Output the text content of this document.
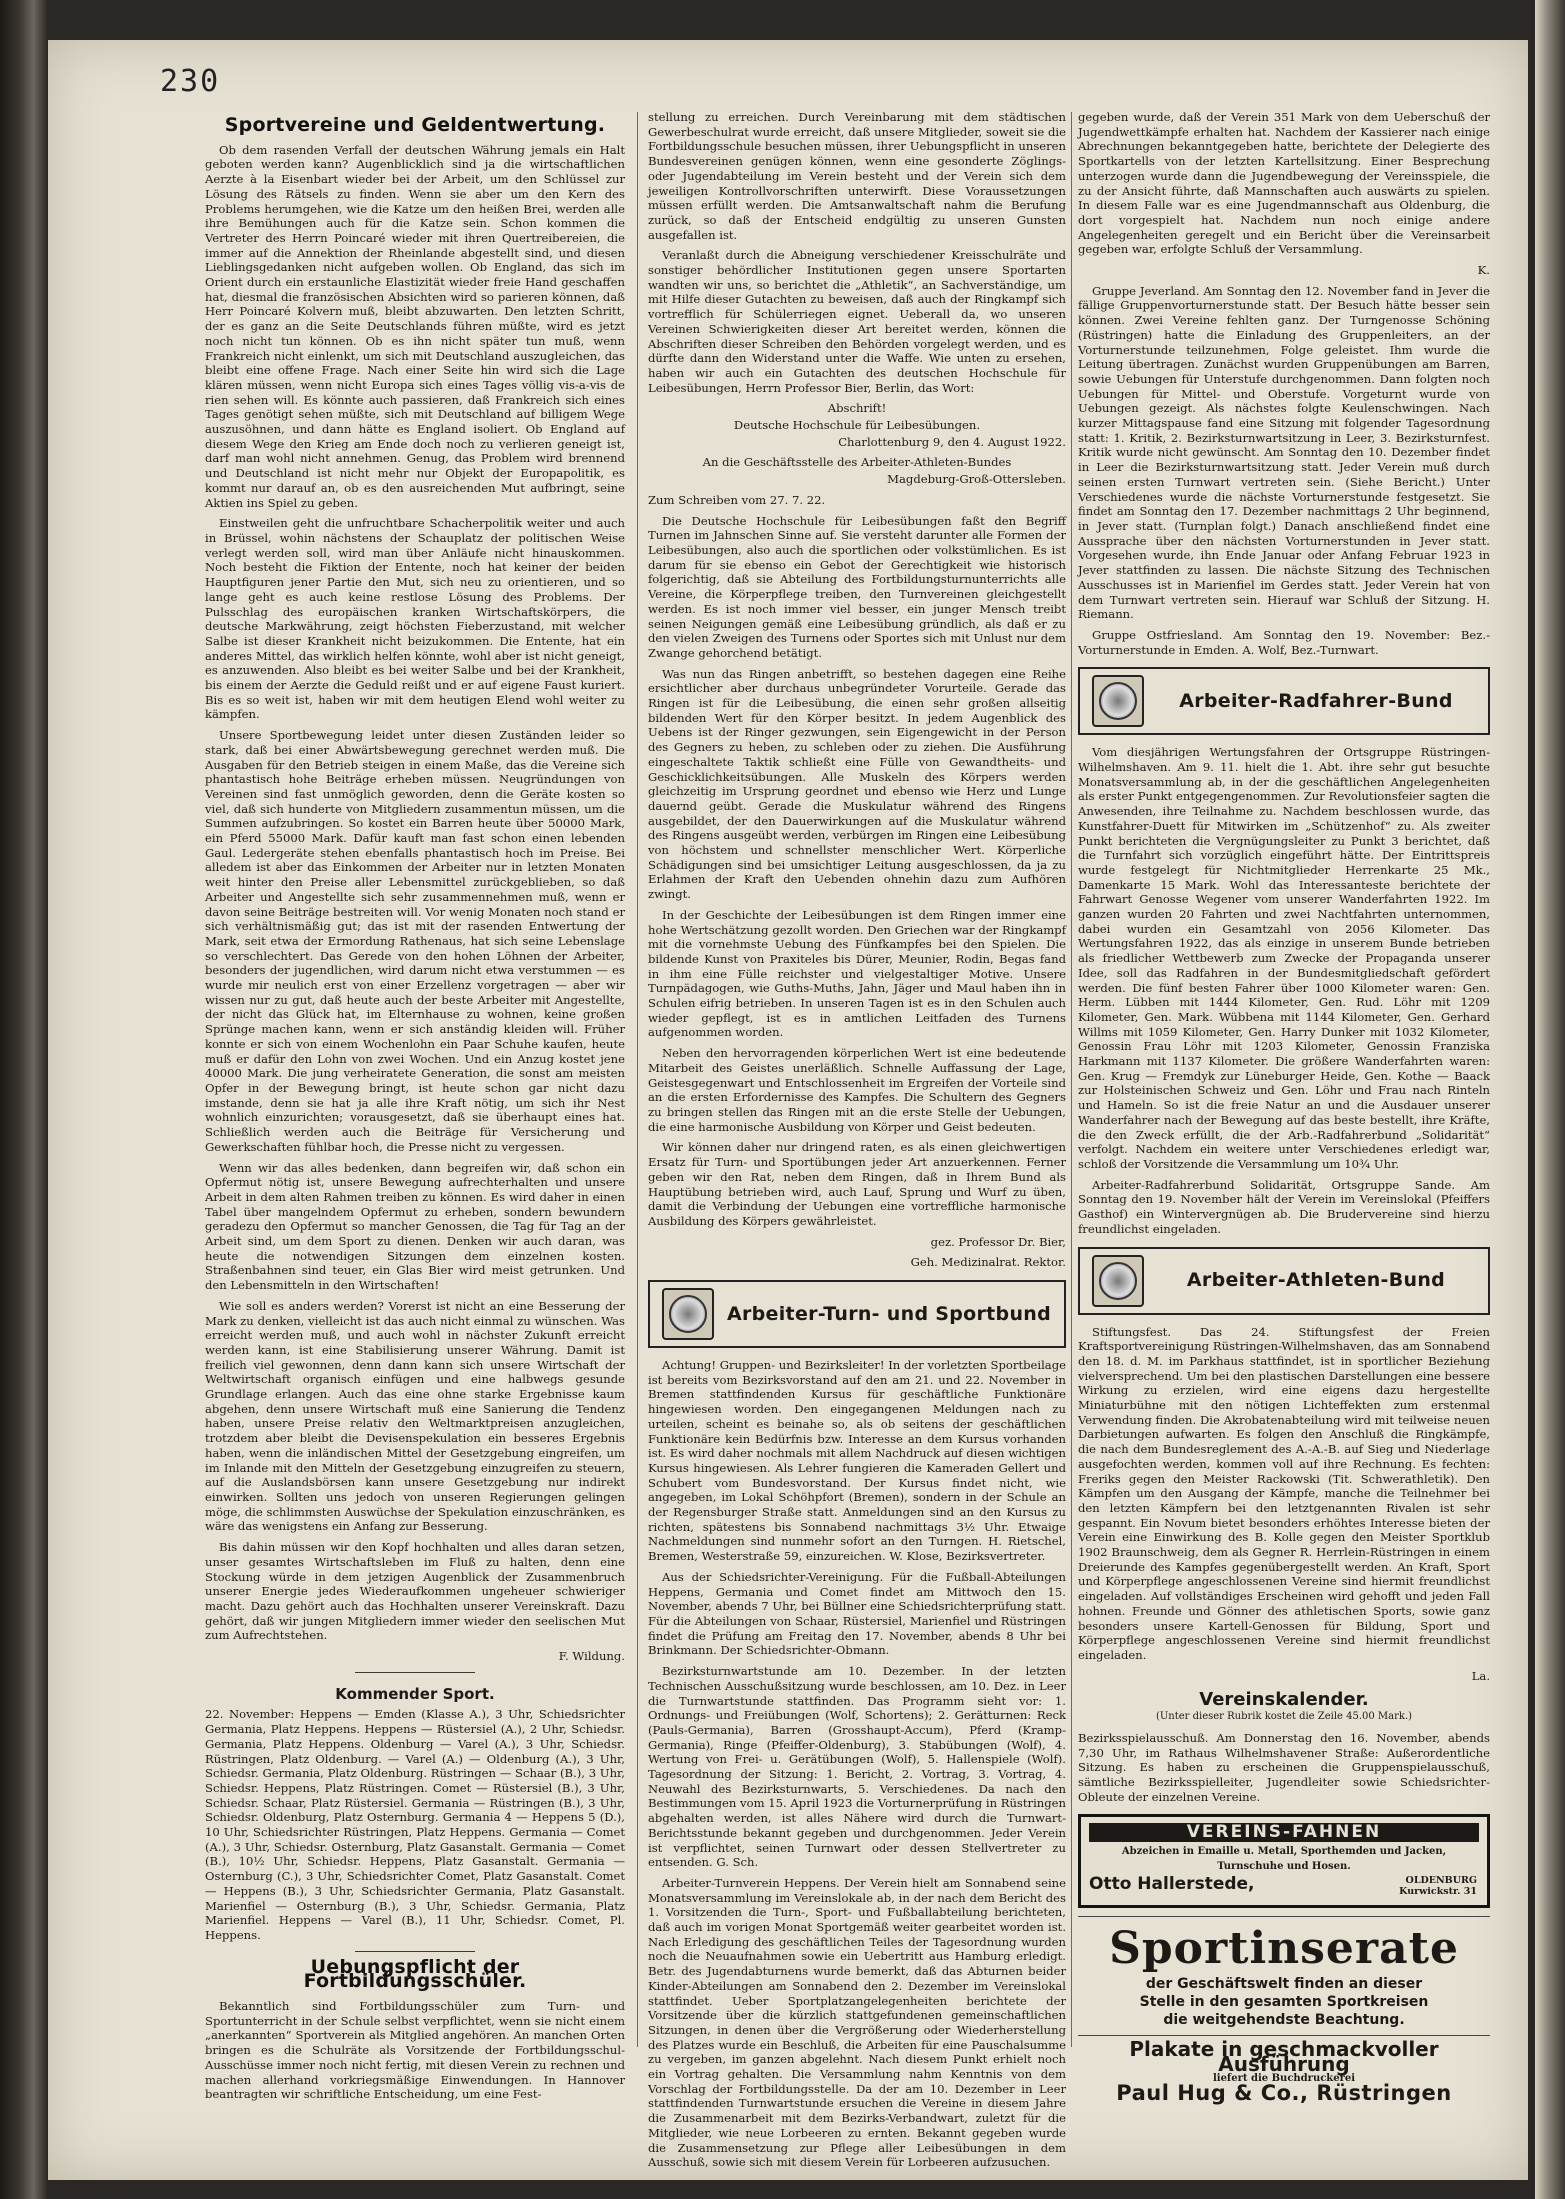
230
Sportvereine und Geldentwertung.

Ob dem rasenden Verfall der deutschen Währung jemals ein Halt geboten werden kann? Augenblicklich sind ja die wirtschaftlichen Aerzte à la Eisenbart wieder bei der Arbeit, um den Schlüssel zur Lösung des Rätsels zu finden. Wenn sie aber um den Kern des Problems herumgehen, wie die Katze um den heißen Brei, werden alle ihre Bemühungen auch für die Katze sein. Schon kommen die Vertreter des Herrn Poincaré wieder mit ihren Quertreibereien, die immer auf die Annektion der Rheinlande abgestellt sind, und diesen Lieblingsgedanken nicht aufgeben wollen. Ob England, das sich im Orient durch ein erstaunliche Elastizität wieder freie Hand geschaffen hat, diesmal die französischen Absichten wird so parieren können, daß Herr Poincaré Kolvern muß, bleibt abzuwarten. Den letzten Schritt, der es ganz an die Seite Deutschlands führen müßte, wird es jetzt noch nicht tun können. Ob es ihn nicht später tun muß, wenn Frankreich nicht einlenkt, um sich mit Deutschland auszugleichen, das bleibt eine offene Frage. Nach einer Seite hin wird sich die Lage klären müssen, wenn nicht Europa sich eines Tages völlig vis-a-vis de rien sehen will. Es könnte auch passieren, daß Frankreich sich eines Tages genötigt sehen müßte, sich mit Deutschland auf billigem Wege auszusöhnen, und dann hätte es England isoliert. Ob England auf diesem Wege den Krieg am Ende doch noch zu verlieren geneigt ist, darf man wohl nicht annehmen. Genug, das Problem wird brennend und Deutschland ist nicht mehr nur Objekt der Europapolitik, es kommt nur darauf an, ob es den ausreichenden Mut aufbringt, seine Aktien ins Spiel zu geben.

Einstweilen geht die unfruchtbare Schacherpolitik weiter und auch in Brüssel, wohin nächstens der Schauplatz der politischen Weise verlegt werden soll, wird man über Anläufe nicht hinauskommen. Noch besteht die Fiktion der Entente, noch hat keiner der beiden Hauptfiguren jener Partie den Mut, sich neu zu orientieren, und so lange geht es auch keine restlose Lösung des Problems. Der Pulsschlag des europäischen kranken Wirtschaftskörpers, die deutsche Markwährung, zeigt höchsten Fieberzustand, mit welcher Salbe ist dieser Krankheit nicht beizukommen. Die Entente, hat ein anderes Mittel, das wirklich helfen könnte, wohl aber ist nicht geneigt, es anzuwenden. Also bleibt es bei weiter Salbe und bei der Krankheit, bis einem der Aerzte die Geduld reißt und er auf eigene Faust kuriert. Bis es so weit ist, haben wir mit dem heutigen Elend wohl weiter zu kämpfen.

Unsere Sportbewegung leidet unter diesen Zuständen leider so stark, daß bei einer Abwärtsbewegung gerechnet werden muß. Die Ausgaben für den Betrieb steigen in einem Maße, das die Vereine sich phantastisch hohe Beiträge erheben müssen. Neugründungen von Vereinen sind fast unmöglich geworden, denn die Geräte kosten so viel, daß sich hunderte von Mitgliedern zusammentun müssen, um die Summen aufzubringen. So kostet ein Barren heute über 50000 Mark, ein Pferd 55000 Mark. Dafür kauft man fast schon einen lebenden Gaul. Ledergeräte stehen ebenfalls phantastisch hoch im Preise. Bei alledem ist aber das Einkommen der Arbeiter nur in letzten Monaten weit hinter den Preise aller Lebensmittel zurückgeblieben, so daß Arbeiter und Angestellte sich sehr zusammennehmen muß, wenn er davon seine Beiträge bestreiten will. Vor wenig Monaten noch stand er sich verhältnismäßig gut; das ist mit der rasenden Entwertung der Mark, seit etwa der Ermordung Rathenaus, hat sich seine Lebenslage so verschlechtert. Das Gerede von den hohen Löhnen der Arbeiter, besonders der jugendlichen, wird darum nicht etwa verstummen — es wurde mir neulich erst von einer Erzellenz vorgetragen — aber wir wissen nur zu gut, daß heute auch der beste Arbeiter mit Angestellte, der nicht das Glück hat, im Elternhause zu wohnen, keine großen Sprünge machen kann, wenn er sich anständig kleiden will. Früher konnte er sich von einem Wochenlohn ein Paar Schuhe kaufen, heute muß er dafür den Lohn von zwei Wochen. Und ein Anzug kostet jene 40000 Mark. Die jung verheiratete Generation, die sonst am meisten Opfer in der Bewegung bringt, ist heute schon gar nicht dazu imstande, denn sie hat ja alle ihre Kraft nötig, um sich ihr Nest wohnlich einzurichten; vorausgesetzt, daß sie überhaupt eines hat. Schließlich werden auch die Beiträge für Versicherung und Gewerkschaften fühlbar hoch, die Presse nicht zu vergessen.

Wenn wir das alles bedenken, dann begreifen wir, daß schon ein Opfermut nötig ist, unsere Bewegung aufrechterhalten und unsere Arbeit in dem alten Rahmen treiben zu können. Es wird daher in einen Tabel über mangelndem Opfermut zu erheben, sondern bewundern geradezu den Opfermut so mancher Genossen, die Tag für Tag an der Arbeit sind, um dem Sport zu dienen. Denken wir auch daran, was heute die notwendigen Sitzungen dem einzelnen kosten. Straßenbahnen sind teuer, ein Glas Bier wird meist getrunken. Und den Lebensmitteln in den Wirtschaften!

Wie soll es anders werden? Vorerst ist nicht an eine Besserung der Mark zu denken, vielleicht ist das auch nicht einmal zu wünschen. Was erreicht werden muß, und auch wohl in nächster Zukunft erreicht werden kann, ist eine Stabilisierung unserer Währung. Damit ist freilich viel gewonnen, denn dann kann sich unsere Wirtschaft der Weltwirtschaft organisch einfügen und eine halbwegs gesunde Grundlage erlangen. Auch das eine ohne starke Ergebnisse kaum abgehen, denn unsere Wirtschaft muß eine Sanierung die Tendenz haben, unsere Preise relativ den Weltmarktpreisen anzugleichen, trotzdem aber bleibt die Devisenspekulation ein besseres Ergebnis haben, wenn die inländischen Mittel der Gesetzgebung eingreifen, um im Inlande mit den Mitteln der Gesetzgebung einzugreifen zu steuern, auf die Auslandsbörsen kann unsere Gesetzgebung nur indirekt einwirken. Sollten uns jedoch von unseren Regierungen gelingen möge, die schlimmsten Auswüchse der Spekulation einzuschränken, es wäre das wenigstens ein Anfang zur Besserung.

Bis dahin müssen wir den Kopf hochhalten und alles daran setzen, unser gesamtes Wirtschaftsleben im Fluß zu halten, denn eine Stockung würde in dem jetzigen Augenblick der Zusammenbruch unserer Energie jedes Wiederaufkommen ungeheuer schwieriger macht. Dazu gehört auch das Hochhalten unserer Vereinskraft. Dazu gehört, daß wir jungen Mitgliedern immer wieder den seelischen Mut zum Aufrechtstehen.

F. Wildung.

Kommender Sport.

22. November: Heppens — Emden (Klasse A.), 3 Uhr, Schiedsrichter Germania, Platz Heppens. Heppens — Rüstersiel (A.), 2 Uhr, Schiedsr. Germania, Platz Heppens. Oldenburg — Varel (A.), 3 Uhr, Schiedsr. Rüstringen, Platz Oldenburg. — Varel (A.) — Oldenburg (A.), 3 Uhr, Schiedsr. Germania, Platz Oldenburg. Rüstringen — Schaar (B.), 3 Uhr, Schiedsr. Heppens, Platz Rüstringen. Comet — Rüstersiel (B.), 3 Uhr, Schiedsr. Schaar, Platz Rüstersiel. Germania — Rüstringen (B.), 3 Uhr, Schiedsr. Oldenburg, Platz Osternburg. Germania 4 — Heppens 5 (D.), 10 Uhr, Schiedsrichter Rüstringen, Platz Heppens. Germania — Comet (A.), 3 Uhr, Schiedsr. Osternburg, Platz Gasanstalt. Germania — Comet (B.), 10½ Uhr, Schiedsr. Heppens, Platz Gasanstalt. Germania — Osternburg (C.), 3 Uhr, Schiedsrichter Comet, Platz Gasanstalt. Comet — Heppens (B.), 3 Uhr, Schiedsrichter Germania, Platz Gasanstalt. Marienfiel — Osternburg (B.), 3 Uhr, Schiedsr. Germania, Platz Marienfiel. Heppens — Varel (B.), 11 Uhr, Schiedsr. Comet, Pl. Heppens.

Uebungspflicht der Fortbildungsschüler.

Bekanntlich sind Fortbildungsschüler zum Turn- und Sportunterricht in der Schule selbst verpflichtet, wenn sie nicht einem „anerkannten“ Sportverein als Mitglied angehören. An manchen Orten bringen es die Schulräte als Vorsitzende der Fortbildungsschul-Ausschüsse immer noch nicht fertig, mit diesen Verein zu rechnen und machen allerhand vorkriegsmäßige Einwendungen. In Hannover beantragten wir schriftliche Entscheidung, um eine Fest-

stellung zu erreichen. Durch Vereinbarung mit dem städtischen Gewerbeschulrat wurde erreicht, daß unsere Mitglieder, soweit sie die Fortbildungsschule besuchen müssen, ihrer Uebungspflicht in unseren Bundesvereinen genügen können, wenn eine gesonderte Zöglings- oder Jugendabteilung im Verein besteht und der Verein sich dem jeweiligen Kontrollvorschriften unterwirft. Diese Voraussetzungen müssen erfüllt werden. Die Amtsanwaltschaft nahm die Berufung zurück, so daß der Entscheid endgültig zu unseren Gunsten ausgefallen ist.

Veranlaßt durch die Abneigung verschiedener Kreisschulräte und sonstiger behördlicher Institutionen gegen unsere Sportarten wandten wir uns, so berichtet die „Athletik“, an Sachverständige, um mit Hilfe dieser Gutachten zu beweisen, daß auch der Ringkampf sich vortrefflich für Schülerriegen eignet. Ueberall da, wo unseren Vereinen Schwierigkeiten dieser Art bereitet werden, können die Abschriften dieser Schreiben den Behörden vorgelegt werden, und es dürfte dann den Widerstand unter die Waffe. Wie unten zu ersehen, haben wir auch ein Gutachten des deutschen Hochschule für Leibesübungen, Herrn Professor Bier, Berlin, das Wort:

Abschrift!

Deutsche Hochschule für Leibesübungen.

Charlottenburg 9, den 4. August 1922.

An die Geschäftsstelle des Arbeiter-Athleten-Bundes

Magdeburg-Groß-Ottersleben.

Zum Schreiben vom 27. 7. 22.

Die Deutsche Hochschule für Leibesübungen faßt den Begriff Turnen im Jahnschen Sinne auf. Sie versteht darunter alle Formen der Leibesübungen, also auch die sportlichen oder volkstümlichen. Es ist darum für sie ebenso ein Gebot der Gerechtigkeit wie historisch folgerichtig, daß sie Abteilung des Fortbildungsturnunterrichts alle Vereine, die Körperpflege treiben, den Turnvereinen gleichgestellt werden. Es ist noch immer viel besser, ein junger Mensch treibt seinen Neigungen gemäß eine Leibesübung gründlich, als daß er zu den vielen Zweigen des Turnens oder Sportes sich mit Unlust nur dem Zwange gehorchend betätigt.

Was nun das Ringen anbetrifft, so bestehen dagegen eine Reihe ersichtlicher aber durchaus unbegründeter Vorurteile. Gerade das Ringen ist für die Leibesübung, die einen sehr großen allseitig bildenden Wert für den Körper besitzt. In jedem Augenblick des Uebens ist der Ringer gezwungen, sein Eigengewicht in der Person des Gegners zu heben, zu schleben oder zu ziehen. Die Ausführung eingeschaltete Taktik schließt eine Fülle von Gewandtheits- und Geschicklichkeitsübungen. Alle Muskeln des Körpers werden gleichzeitig im Ursprung geordnet und ebenso wie Herz und Lunge dauernd geübt. Gerade die Muskulatur während des Ringens ausgebildet, der den Dauerwirkungen auf die Muskulatur während des Ringens ausgeübt werden, verbürgen im Ringen eine Leibesübung von höchstem und schnellster menschlicher Wert. Körperliche Schädigungen sind bei umsichtiger Leitung ausgeschlossen, da ja zu Erlahmen der Kraft den Uebenden ohnehin dazu zum Aufhören zwingt.

In der Geschichte der Leibesübungen ist dem Ringen immer eine hohe Wertschätzung gezollt worden. Den Griechen war der Ringkampf mit die vornehmste Uebung des Fünfkampfes bei den Spielen. Die bildende Kunst von Praxiteles bis Dürer, Meunier, Rodin, Begas fand in ihm eine Fülle reichster und vielgestaltiger Motive. Unsere Turnpädagogen, wie Guths-Muths, Jahn, Jäger und Maul haben ihn in Schulen eifrig betrieben. In unseren Tagen ist es in den Schulen auch wieder gepflegt, ist es in amtlichen Leitfaden des Turnens aufgenommen worden.

Neben den hervorragenden körperlichen Wert ist eine bedeutende Mitarbeit des Geistes unerläßlich. Schnelle Auffassung der Lage, Geistesgegenwart und Entschlossenheit im Ergreifen der Vorteile sind an die ersten Erfordernisse des Kampfes. Die Schultern des Gegners zu bringen stellen das Ringen mit an die erste Stelle der Uebungen, die eine harmonische Ausbildung von Körper und Geist bedeuten.

Wir können daher nur dringend raten, es als einen gleichwertigen Ersatz für Turn- und Sportübungen jeder Art anzuerkennen. Ferner geben wir den Rat, neben dem Ringen, daß in Ihrem Bund als Hauptübung betrieben wird, auch Lauf, Sprung und Wurf zu üben, damit die Verbindung der Uebungen eine vortreffliche harmonische Ausbildung des Körpers gewährleistet.

gez. Professor Dr. Bier,

Geh. Medizinalrat. Rektor.

Arbeiter-Turn- und Sportbund

Achtung! Gruppen- und Bezirksleiter! In der vorletzten Sportbeilage ist bereits vom Bezirksvorstand auf den am 21. und 22. November in Bremen stattfindenden Kursus für geschäftliche Funktionäre hingewiesen worden. Den eingegangenen Meldungen nach zu urteilen, scheint es beinahe so, als ob seitens der geschäftlichen Funktionäre kein Bedürfnis bzw. Interesse an dem Kursus vorhanden ist. Es wird daher nochmals mit allem Nachdruck auf diesen wichtigen Kursus hingewiesen. Als Lehrer fungieren die Kameraden Gellert und Schubert vom Bundesvorstand. Der Kursus findet nicht, wie angegeben, im Lokal Schöhpfort (Bremen), sondern in der Schule an der Regensburger Straße statt. Anmeldungen sind an den Kursus zu richten, spätestens bis Sonnabend nachmittags 3½ Uhr. Etwaige Nachmeldungen sind nunmehr sofort an den Turngen. H. Rietschel, Bremen, Westerstraße 59, einzureichen. W. Klose, Bezirksvertreter.

Aus der Schiedsrichter-Vereinigung. Für die Fußball-Abteilungen Heppens, Germania und Comet findet am Mittwoch den 15. November, abends 7 Uhr, bei Büllner eine Schiedsrichterprüfung statt. Für die Abteilungen von Schaar, Rüstersiel, Marienfiel und Rüstringen findet die Prüfung am Freitag den 17. November, abends 8 Uhr bei Brinkmann. Der Schiedsrichter-Obmann.

Bezirksturnwartstunde am 10. Dezember. In der letzten Technischen Ausschußsitzung wurde beschlossen, am 10. Dez. in Leer die Turnwartstunde stattfinden. Das Programm sieht vor: 1. Ordnungs- und Freiübungen (Wolf, Schortens); 2. Gerätturnen: Reck (Pauls-Germania), Barren (Grosshaupt-Accum), Pferd (Kramp-Germania), Ringe (Pfeiffer-Oldenburg), 3. Stabübungen (Wolf), 4. Wertung von Frei- u. Gerätübungen (Wolf), 5. Hallenspiele (Wolf). Tagesordnung der Sitzung: 1. Bericht, 2. Vortrag, 3. Vortrag, 4. Neuwahl des Bezirksturnwarts, 5. Verschiedenes. Da nach den Bestimmungen vom 15. April 1923 die Vorturnerprüfung in Rüstringen abgehalten werden, ist alles Nähere wird durch die Turnwart-Berichtsstunde bekannt gegeben und durchgenommen. Jeder Verein ist verpflichtet, seinen Turnwart oder dessen Stellvertreter zu entsenden. G. Sch.

Arbeiter-Turnverein Heppens. Der Verein hielt am Sonnabend seine Monatsversammlung im Vereinslokale ab, in der nach dem Bericht des 1. Vorsitzenden die Turn-, Sport- und Fußballabteilung berichteten, daß auch im vorigen Monat Sportgemäß weiter gearbeitet worden ist. Nach Erledigung des geschäftlichen Teiles der Tagesordnung wurden noch die Neuaufnahmen sowie ein Uebertritt aus Hamburg erledigt. Betr. des Jugendabturnens wurde bemerkt, daß das Abturnen beider Kinder-Abteilungen am Sonnabend den 2. Dezember im Vereinslokal stattfindet. Ueber Sportplatzangelegenheiten berichtete der Vorsitzende über die kürzlich stattgefundenen gemeinschaftlichen Sitzungen, in denen über die Vergrößerung oder Wiederherstellung des Platzes wurde ein Beschluß, die Arbeiten für eine Pauschalsumme zu vergeben, im ganzen abgelehnt. Nach diesem Punkt erhielt noch ein Vortrag gehalten. Die Versammlung nahm Kenntnis von dem Vorschlag der Fortbildungsstelle. Da der am 10. Dezember in Leer stattfindenden Turnwartstunde ersuchen die Vereine in diesem Jahre die Zusammenarbeit mit dem Bezirks-Verbandwart, zuletzt für die Mitglieder, wie neue Lorbeeren zu ernten. Bekannt gegeben wurde die Zusammensetzung zur Pflege aller Leibesübungen in dem Ausschuß, sowie sich mit diesem Verein für Lorbeeren aufzusuchen.

gegeben wurde, daß der Verein 351 Mark von dem Ueberschuß der Jugendwettkämpfe erhalten hat. Nachdem der Kassierer nach einige Abrechnungen bekanntgegeben hatte, berichtete der Delegierte des Sportkartells von der letzten Kartellsitzung. Einer Besprechung unterzogen wurde dann die Jugendbewegung der Vereinsspiele, die zu der Ansicht führte, daß Mannschaften auch auswärts zu spielen. In diesem Falle war es eine Jugendmannschaft aus Oldenburg, die dort vorgespielt hat. Nachdem nun noch einige andere Angelegenheiten geregelt und ein Bericht über die Vereinsarbeit gegeben war, erfolgte Schluß der Versammlung.

K.

Gruppe Jeverland. Am Sonntag den 12. November fand in Jever die fällige Gruppenvorturnerstunde statt. Der Besuch hätte besser sein können. Zwei Vereine fehlten ganz. Der Turngenosse Schöning (Rüstringen) hatte die Einladung des Gruppenleiters, an der Vorturnerstunde teilzunehmen, Folge geleistet. Ihm wurde die Leitung übertragen. Zunächst wurden Gruppenübungen am Barren, sowie Uebungen für Unterstufe durchgenommen. Dann folgten noch Uebungen für Mittel- und Oberstufe. Vorgeturnt wurde von Uebungen gezeigt. Als nächstes folgte Keulenschwingen. Nach kurzer Mittagspause fand eine Sitzung mit folgender Tagesordnung statt: 1. Kritik, 2. Bezirksturnwartsitzung in Leer, 3. Bezirksturnfest. Kritik wurde nicht gewünscht. Am Sonntag den 10. Dezember findet in Leer die Bezirksturnwartsitzung statt. Jeder Verein muß durch seinen ersten Turnwart vertreten sein. (Siehe Bericht.) Unter Verschiedenes wurde die nächste Vorturnerstunde festgesetzt. Sie findet am Sonntag den 17. Dezember nachmittags 2 Uhr beginnend, in Jever statt. (Turnplan folgt.) Danach anschließend findet eine Aussprache über den nächsten Vorturnerstunden in Jever statt. Vorgesehen wurde, ihn Ende Januar oder Anfang Februar 1923 in Jever stattfinden zu lassen. Die nächste Sitzung des Technischen Ausschusses ist in Marienfiel im Gerdes statt. Jeder Verein hat von dem Turnwart vertreten sein. Hierauf war Schluß der Sitzung. H. Riemann.

Gruppe Ostfriesland. Am Sonntag den 19. November: Bez.-Vorturnerstunde in Emden. A. Wolf, Bez.-Turnwart.

Arbeiter-Radfahrer-Bund

Vom diesjährigen Wertungsfahren der Ortsgruppe Rüstringen-Wilhelmshaven. Am 9. 11. hielt die 1. Abt. ihre sehr gut besuchte Monatsversammlung ab, in der die geschäftlichen Angelegenheiten als erster Punkt entgegengenommen. Zur Revolutionsfeier sagten die Anwesenden, ihre Teilnahme zu. Nachdem beschlossen wurde, das Kunstfahrer-Duett für Mitwirken im „Schützenhof“ zu. Als zweiter Punkt berichteten die Vergnügungsleiter zu Punkt 3 berichtet, daß die Turnfahrt sich vorzüglich eingeführt hätte. Der Eintrittspreis wurde festgelegt für Nichtmitglieder Herrenkarte 25 Mk., Damenkarte 15 Mark. Wohl das Interessanteste berichtete der Fahrwart Genosse Wegener vom unserer Wanderfahrten 1922. Im ganzen wurden 20 Fahrten und zwei Nachtfahrten unternommen, dabei wurden ein Gesamtzahl von 2056 Kilometer. Das Wertungsfahren 1922, das als einzige in unserem Bunde betrieben als friedlicher Wettbewerb zum Zwecke der Propaganda unserer Idee, soll das Radfahren in der Bundesmitgliedschaft gefördert werden. Die fünf besten Fahrer über 1000 Kilometer waren: Gen. Herm. Lübben mit 1444 Kilometer, Gen. Rud. Löhr mit 1209 Kilometer, Gen. Mark. Wübbena mit 1144 Kilometer, Gen. Gerhard Willms mit 1059 Kilometer, Gen. Harry Dunker mit 1032 Kilometer, Genossin Frau Löhr mit 1203 Kilometer, Genossin Franziska Harkmann mit 1137 Kilometer. Die größere Wanderfahrten waren: Gen. Krug — Fremdyk zur Lüneburger Heide, Gen. Kothe — Baack zur Holsteinischen Schweiz und Gen. Löhr und Frau nach Rinteln und Hameln. So ist die freie Natur an und die Ausdauer unserer Wanderfahrer nach der Bewegung auf das beste bestellt, ihre Kräfte, die den Zweck erfüllt, die der Arb.-Radfahrerbund „Solidarität“ verfolgt. Nachdem ein weitere unter Verschiedenes erledigt war, schloß der Vorsitzende die Versammlung um 10¾ Uhr.

Arbeiter-Radfahrerbund Solidarität, Ortsgruppe Sande. Am Sonntag den 19. November hält der Verein im Vereinslokal (Pfeiffers Gasthof) ein Wintervergnügen ab. Die Brudervereine sind hierzu freundlichst eingeladen.

Arbeiter-Athleten-Bund

Stiftungsfest. Das 24. Stiftungsfest der Freien Kraftsportvereinigung Rüstringen-Wilhelmshaven, das am Sonnabend den 18. d. M. im Parkhaus stattfindet, ist in sportlicher Beziehung vielversprechend. Um bei den plastischen Darstellungen eine bessere Wirkung zu erzielen, wird eine eigens dazu hergestellte Miniaturbühne mit den nötigen Lichteffekten zum erstenmal Verwendung finden. Die Akrobatenabteilung wird mit teilweise neuen Darbietungen aufwarten. Es folgen den Anschluß die Ringkämpfe, die nach dem Bundesreglement des A.-A.-B. auf Sieg und Niederlage ausgefochten werden, kommen voll auf ihre Rechnung. Es fechten: Freriks gegen den Meister Rackowski (Tit. Schwerathletik). Den Kämpfen um den Ausgang der Kämpfe, manche die Teilnehmer bei den letzten Kämpfern bei den letztgenannten Rivalen ist sehr gespannt. Ein Novum bietet besonders erhöhtes Interesse bieten der Verein eine Einwirkung des B. Kolle gegen den Meister Sportklub 1902 Braunschweig, dem als Gegner R. Herrlein-Rüstringen in einem Dreierunde des Kampfes gegenübergestellt werden. An Kraft, Sport und Körperpflege angeschlossenen Vereine sind hiermit freundlichst eingeladen. Auf vollständiges Erscheinen wird gehofft und jeden Fall hohnen. Freunde und Gönner des athletischen Sports, sowie ganz besonders unsere Kartell-Genossen für Bildung, Sport und Körperpflege angeschlossenen Vereine sind hiermit freundlichst eingeladen.

La.

Vereinskalender.
(Unter dieser Rubrik kostet die Zeile 45.00 Mark.)

Bezirksspielausschuß. Am Donnerstag den 16. November, abends 7,30 Uhr, im Rathaus Wilhelmshavener Straße: Außerordentliche Sitzung. Es haben zu erscheinen die Gruppenspielausschuß, sämtliche Bezirksspielleiter, Jugendleiter sowie Schiedsrichter-Obleute der einzelnen Vereine.

VEREINS-FAHNEN
Abzeichen in Emaille u. Metall, Sporthemden und Jacken, Turnschuhe und Hosen.
Otto Hallerstede,	OLDENBURG
Kurwickstr. 31
Sportinserate
der Geschäftswelt finden an dieser
Stelle in den gesamten Sportkreisen
die weitgehendste Beachtung.
Plakate in geschmackvoller Ausführung
liefert die Buchdruckerei
Paul Hug & Co., Rüstringen
